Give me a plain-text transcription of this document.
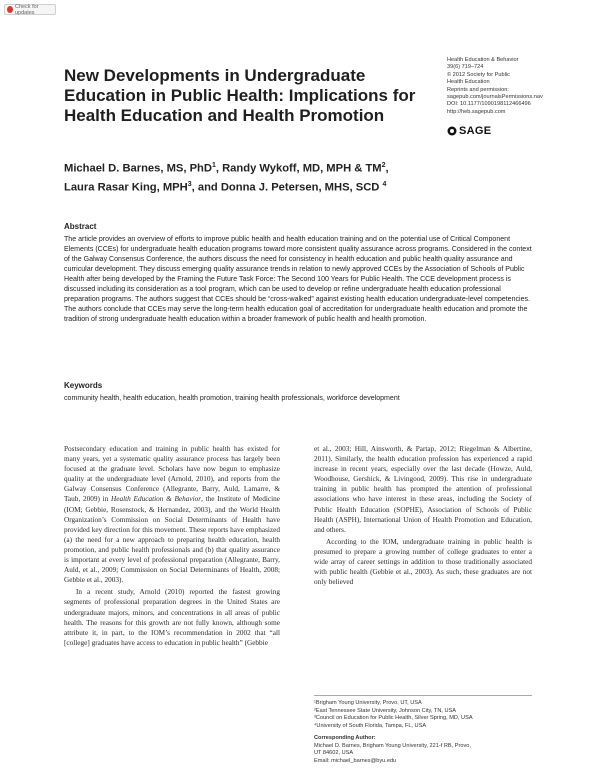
Check for updates
New Developments in Undergraduate Education in Public Health: Implications for Health Education and Health Promotion
Health Education & Behavior
39(6) 719–724
© 2012 Society for Public
Health Education
Reprints and permission:
sagepub.com/journalsPermissions.nav
DOI: 10.1177/1090198112466496
http://heb.sagepub.com
SAGE
Michael D. Barnes, MS, PhD$^1$, Randy Wykoff, MD, MPH & $TM^2$,
Laura Rasar King, MPH$^3$, and Donna J. Petersen, MHS, SCD $^4$
Abstract

The article provides an overview of efforts to improve public health and health education training and on the potential use of Critical Component Elements (CCEs) for undergraduate health education programs toward more consistent quality assurance across programs. Considered in the context of the Galway Consensus Conference, the authors discuss the need for consistency in health education and public health quality assurance and curricular development. They discuss emerging quality assurance trends in relation to newly approved CCEs by the Association of Schools of Public Health after being developed by the Framing the Future Task Force: The Second 100 Years for Public Health. The CCE development process is discussed including its consideration as a tool program, which can be used to develop or refine undergraduate health education professional preparation programs. The authors suggest that CCEs should be “cross-walked” against existing health education undergraduate-level competencies. The authors conclude that CCEs may serve the long-term health education goal of accreditation for undergraduate health education and promote the tradition of strong undergraduate health education within a broader framework of public health and health promotion.

Keywords

community health, health education, health promotion, training health professionals, workforce development

Postsecondary education and training in public health has existed for many years, yet a systematic quality assurance process has largely been focused at the graduate level. Scholars have now begun to emphasize quality at the undergraduate level (Arnold, 2010), and reports from the Galway Consensus Conference (Allegrante, Barry, Auld, Lamarre, & Taub, 2009) in Health Education & Behavior, the Institute of Medicine (IOM; Gebbie, Rosenstock, & Hernandez, 2003), and the World Health Organization’s Commission on Social Determinants of Health have provided key direction for this movement. These reports have emphasized (a) the need for a new approach to preparing health education, health promotion, and public health professionals and (b) that quality assurance is important at every level of professional preparation (Allegrante, Barry, Auld, et al., 2009; Commission on Social Determinants of Health, 2008; Gebbie et al., 2003).

In a recent study, Arnold (2010) reported the fastest growing segments of professional preparation degrees in the United States are undergraduate majors, minors, and concentrations in all areas of public health. The reasons for this growth are not fully known, although some attribute it, in part, to the IOM’s recommendation in 2002 that “all [college] graduates have access to education in public health” (Gebbie

et al., 2003; Hill, Ainsworth, & Partap, 2012; Riegelman & Albertine, 2011). Similarly, the health education profession has experienced a rapid increase in recent years, especially over the last decade (Howze, Auld, Woodhouse, Gershick, & Livingood, 2009). This rise in undergraduate training in public health has prompted the attention of professional associations who have interest in these areas, including the Society of Public Health Education (SOPHE), Association of Schools of Public Health (ASPH), International Union of Health Promotion and Education, and others.

According to the IOM, undergraduate training in public health is presumed to prepare a growing number of college graduates to enter a wide array of career settings in addition to those traditionally associated with public health (Gebbie et al., 2003). As such, these graduates are not only believed

¹Brigham Young University, Provo, UT, USA
²East Tennessee State University, Johnson City, TN, USA
³Council on Education for Public Health, Silver Spring, MD, USA
⁴University of South Florida, Tampa, FL, USA
Corresponding Author:
Michael D. Barnes, Brigham Young University, 221-f RB, Provo,
UT 84602, USA
Email: michael_barnes@byu.edu
